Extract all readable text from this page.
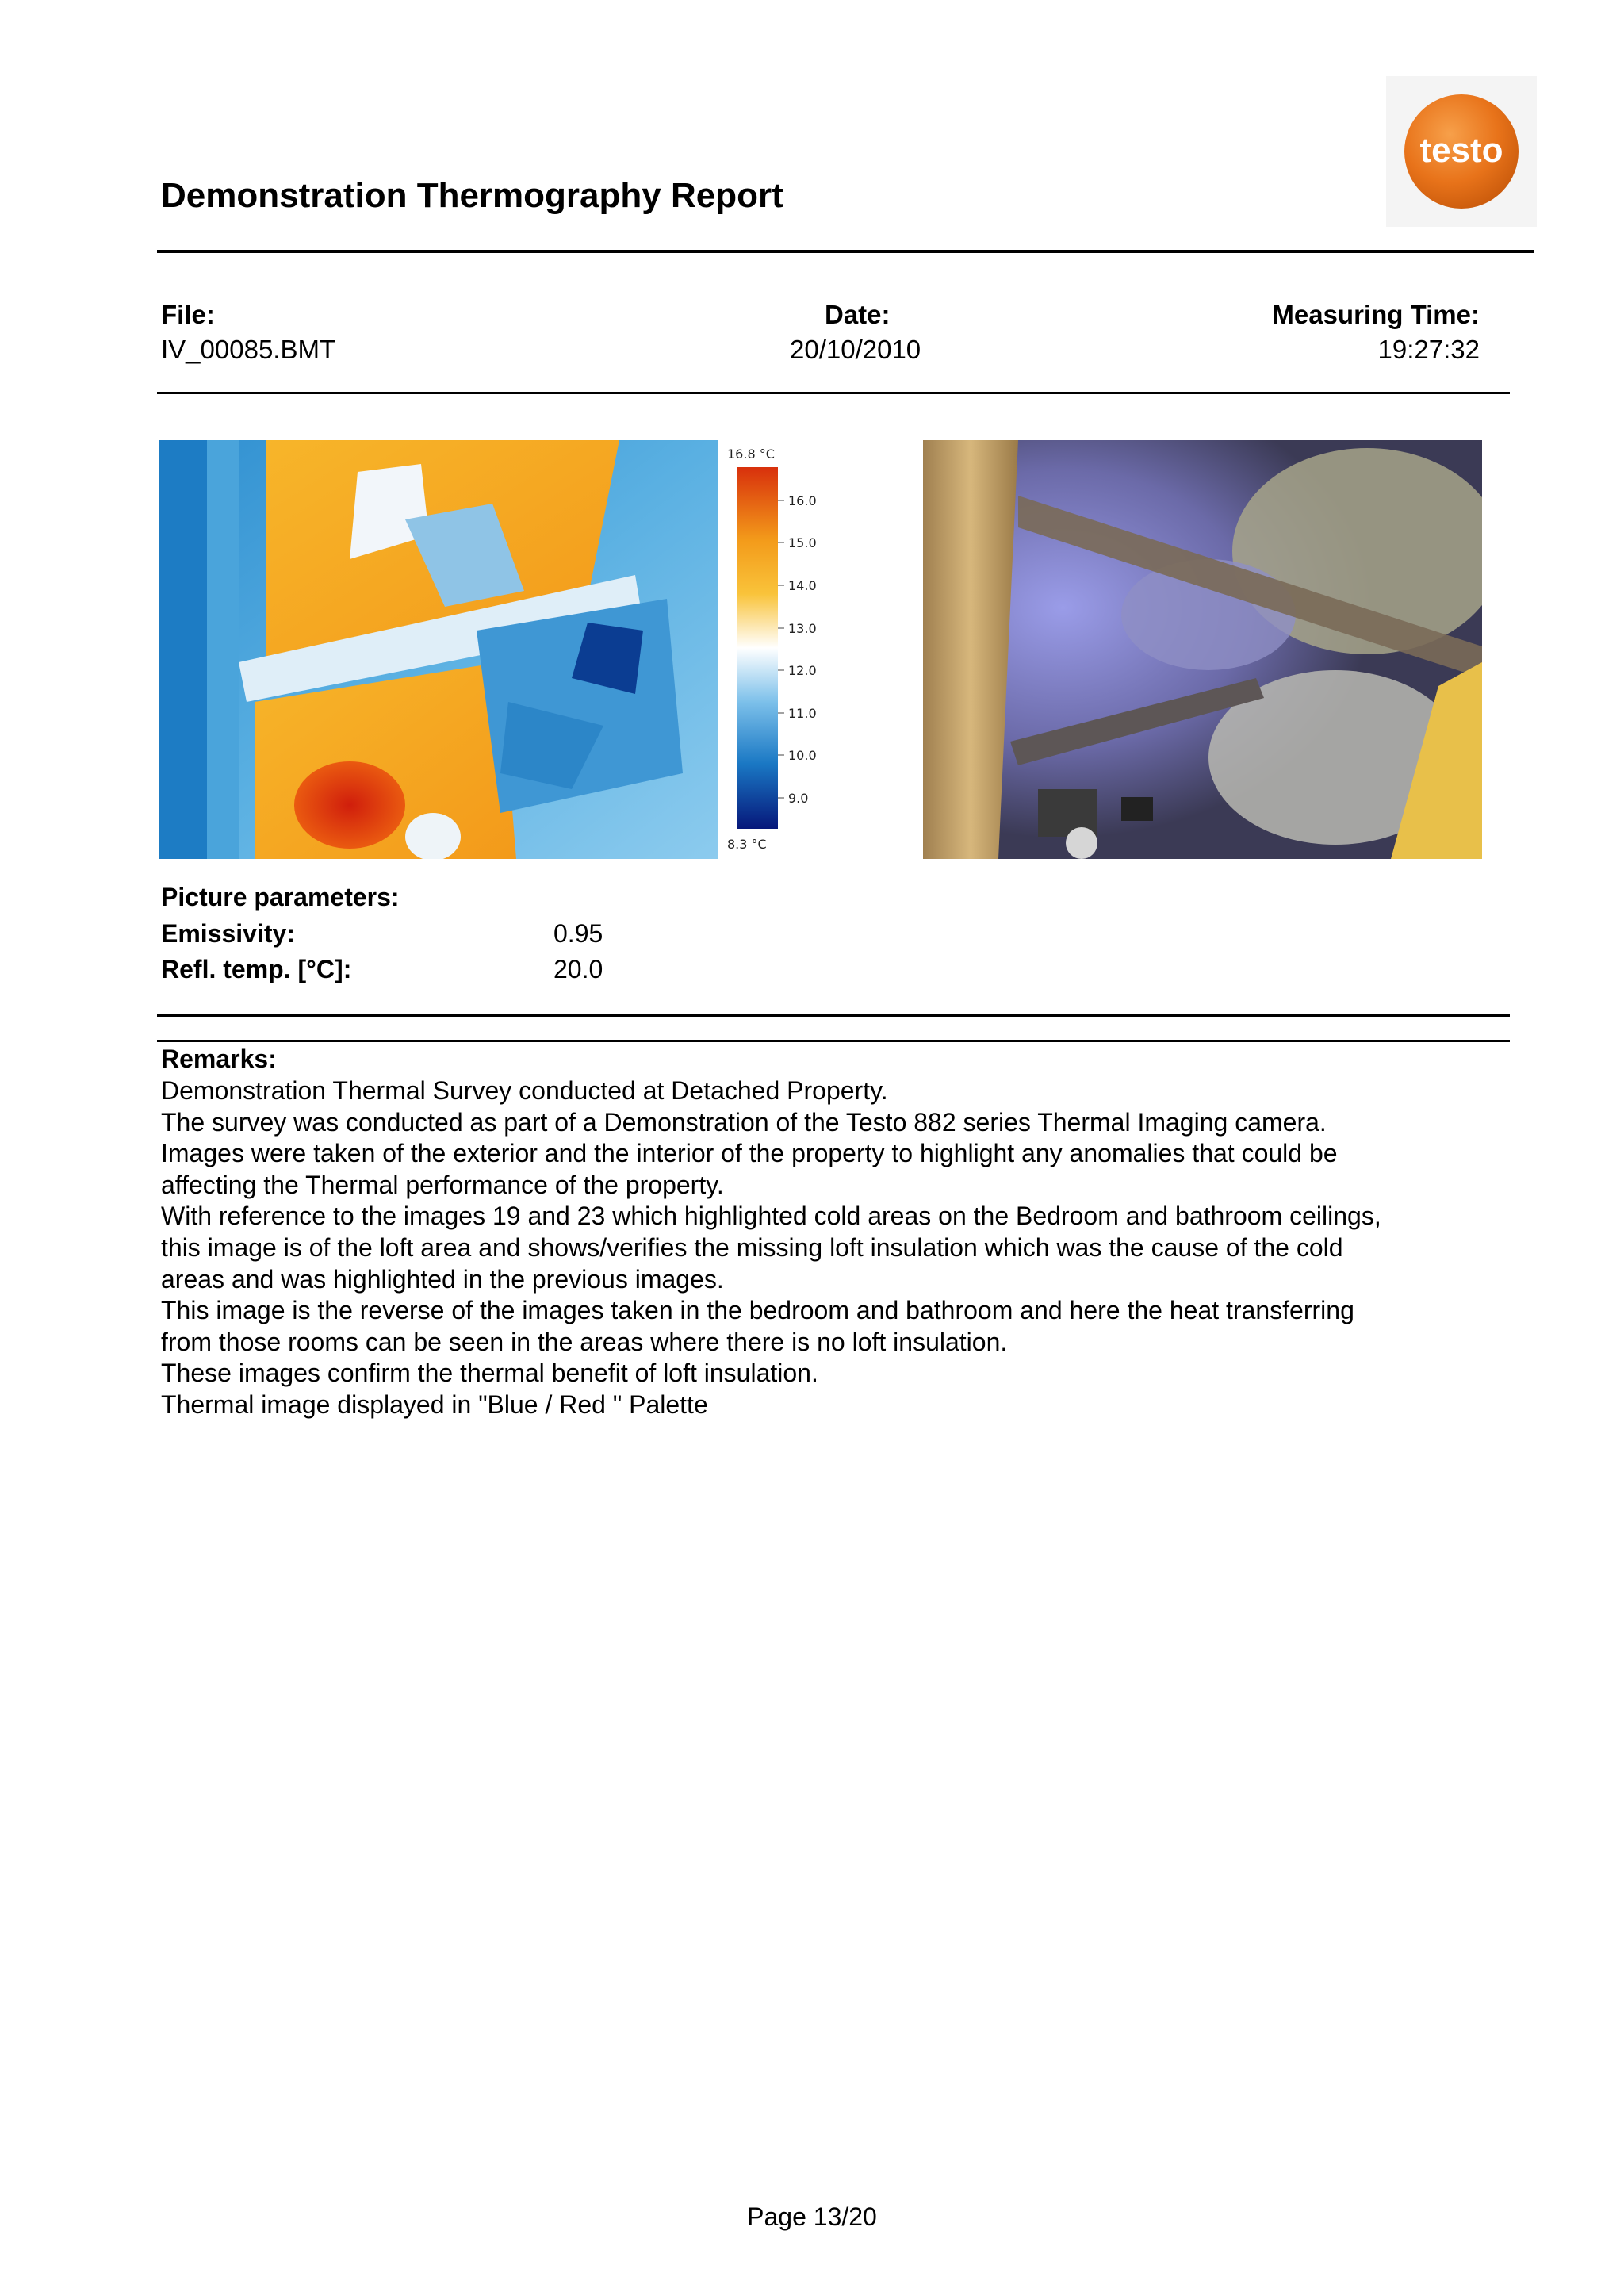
Demonstration Thermography Report
testo
File:
IV_00085.BMT
Date:
20/10/2010
Measuring Time:
19:27:32
16.8 °C
16.0
15.0
14.0
13.0
12.0
11.0
10.0
9.0
8.3 °C
Picture parameters:
Emissivity:	0.95
Refl. temp. [°C]:	20.0
Remarks:
Demonstration Thermal Survey conducted at Detached Property.
The survey was conducted as part of a Demonstration of the Testo 882 series Thermal Imaging camera.
Images were taken of the exterior and the interior of the property to highlight any anomalies that could be
affecting the Thermal performance of the property.
With reference to the images 19 and 23 which highlighted cold areas on the Bedroom and bathroom ceilings,
this image is of the loft area and shows/verifies the missing loft insulation which was the cause of the cold
areas and was highlighted in the previous images.
This image is the reverse of the images taken in the bedroom and bathroom and here the heat transferring
from those rooms can be seen in the areas where there is no loft insulation.
These images confirm the thermal benefit of loft insulation.
Thermal image displayed in "Blue / Red " Palette
Page 13/20
